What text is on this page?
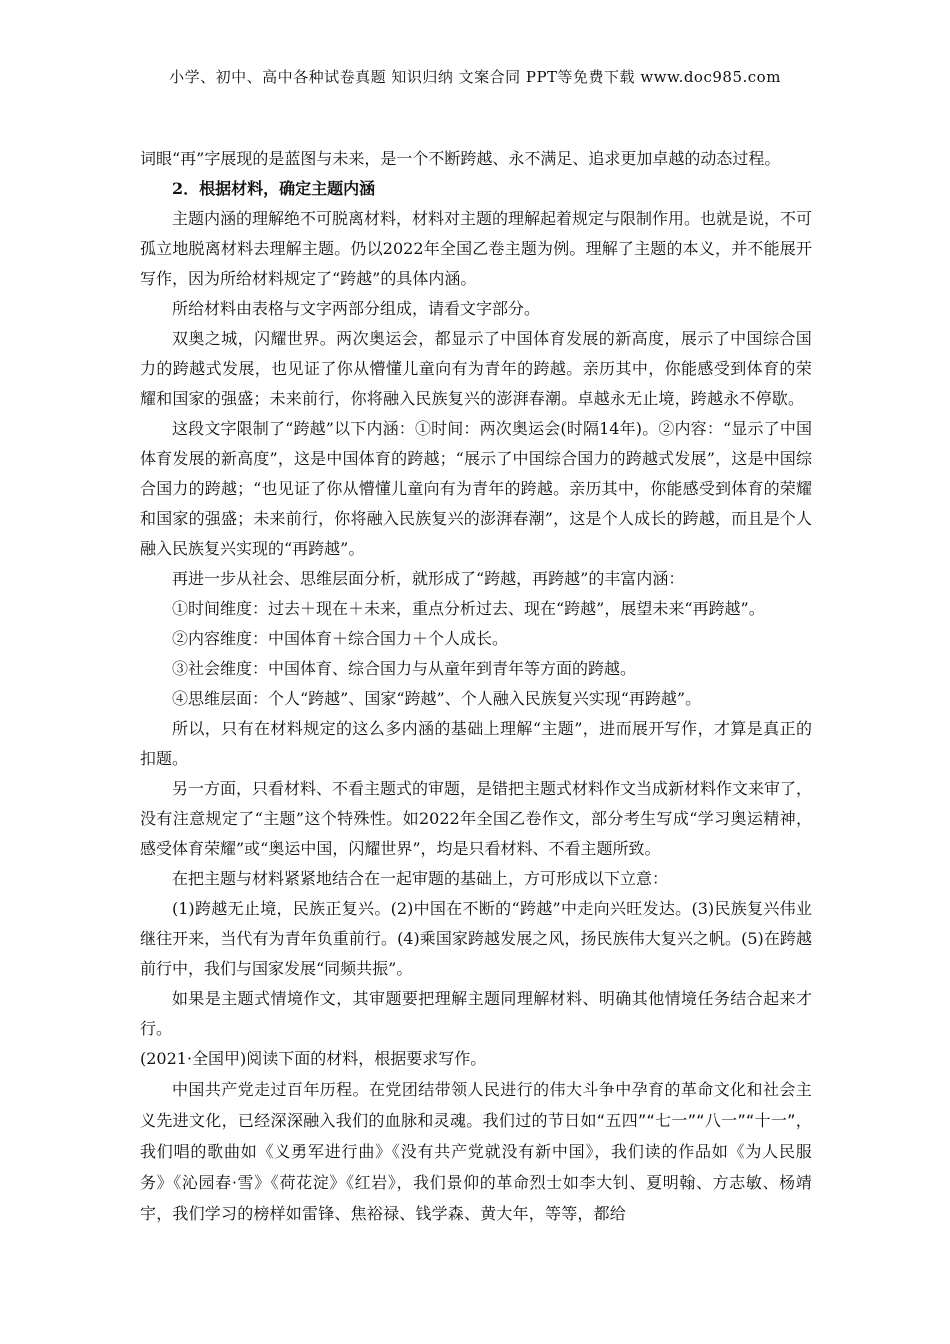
小学、初中、高中各种试卷真题 知识归纳 文案合同 PPT等免费下载 www.doc985.com

词眼“再”字展现的是蓝图与未来，是一个不断跨越、永不满足、追求更加卓越的动态过程。

2．根据材料，确定主题内涵

主题内涵的理解绝不可脱离材料，材料对主题的理解起着规定与限制作用。也就是说，不可孤立地脱离材料去理解主题。仍以2022年全国乙卷主题为例。理解了主题的本义，并不能展开写作，因为所给材料规定了“跨越”的具体内涵。

所给材料由表格与文字两部分组成，请看文字部分。

双奥之城，闪耀世界。两次奥运会，都显示了中国体育发展的新高度，展示了中国综合国力的跨越式发展，也见证了你从懵懂儿童向有为青年的跨越。亲历其中，你能感受到体育的荣耀和国家的强盛；未来前行，你将融入民族复兴的澎湃春潮。卓越永无止境，跨越永不停歇。

这段文字限制了“跨越”以下内涵：①时间：两次奥运会(时隔14年)。②内容：“显示了中国体育发展的新高度”，这是中国体育的跨越；“展示了中国综合国力的跨越式发展”，这是中国综合国力的跨越；“也见证了你从懵懂儿童向有为青年的跨越。亲历其中，你能感受到体育的荣耀和国家的强盛；未来前行，你将融入民族复兴的澎湃春潮”，这是个人成长的跨越，而且是个人融入民族复兴实现的“再跨越”。

再进一步从社会、思维层面分析，就形成了“跨越，再跨越”的丰富内涵：

①时间维度：过去＋现在＋未来，重点分析过去、现在“跨越”，展望未来“再跨越”。

②内容维度：中国体育＋综合国力＋个人成长。

③社会维度：中国体育、综合国力与从童年到青年等方面的跨越。

④思维层面：个人“跨越”、国家“跨越”、个人融入民族复兴实现“再跨越”。

所以，只有在材料规定的这么多内涵的基础上理解“主题”，进而展开写作，才算是真正的扣题。

另一方面，只看材料、不看主题式的审题，是错把主题式材料作文当成新材料作文来审了，没有注意规定了“主题”这个特殊性。如2022年全国乙卷作文，部分考生写成“学习奥运精神，感受体育荣耀”或“奥运中国，闪耀世界”，均是只看材料、不看主题所致。

在把主题与材料紧紧地结合在一起审题的基础上，方可形成以下立意：

(1)跨越无止境，民族正复兴。(2)中国在不断的“跨越”中走向兴旺发达。(3)民族复兴伟业继往开来，当代有为青年负重前行。(4)乘国家跨越发展之风，扬民族伟大复兴之帆。(5)在跨越前行中，我们与国家发展“同频共振”。

如果是主题式情境作文，其审题要把理解主题同理解材料、明确其他情境任务结合起来才行。

(2021·全国甲)阅读下面的材料，根据要求写作。

中国共产党走过百年历程。在党团结带领人民进行的伟大斗争中孕育的革命文化和社会主义先进文化，已经深深融入我们的血脉和灵魂。我们过的节日如“五四”“七一”“八一”“十一”，我们唱的歌曲如《义勇军进行曲》《没有共产党就没有新中国》，我们读的作品如《为人民服务》《沁园春·雪》《荷花淀》《红岩》，我们景仰的革命烈士如李大钊、夏明翰、方志敏、杨靖宇，我们学习的榜样如雷锋、焦裕禄、钱学森、黄大年，等等，都给
